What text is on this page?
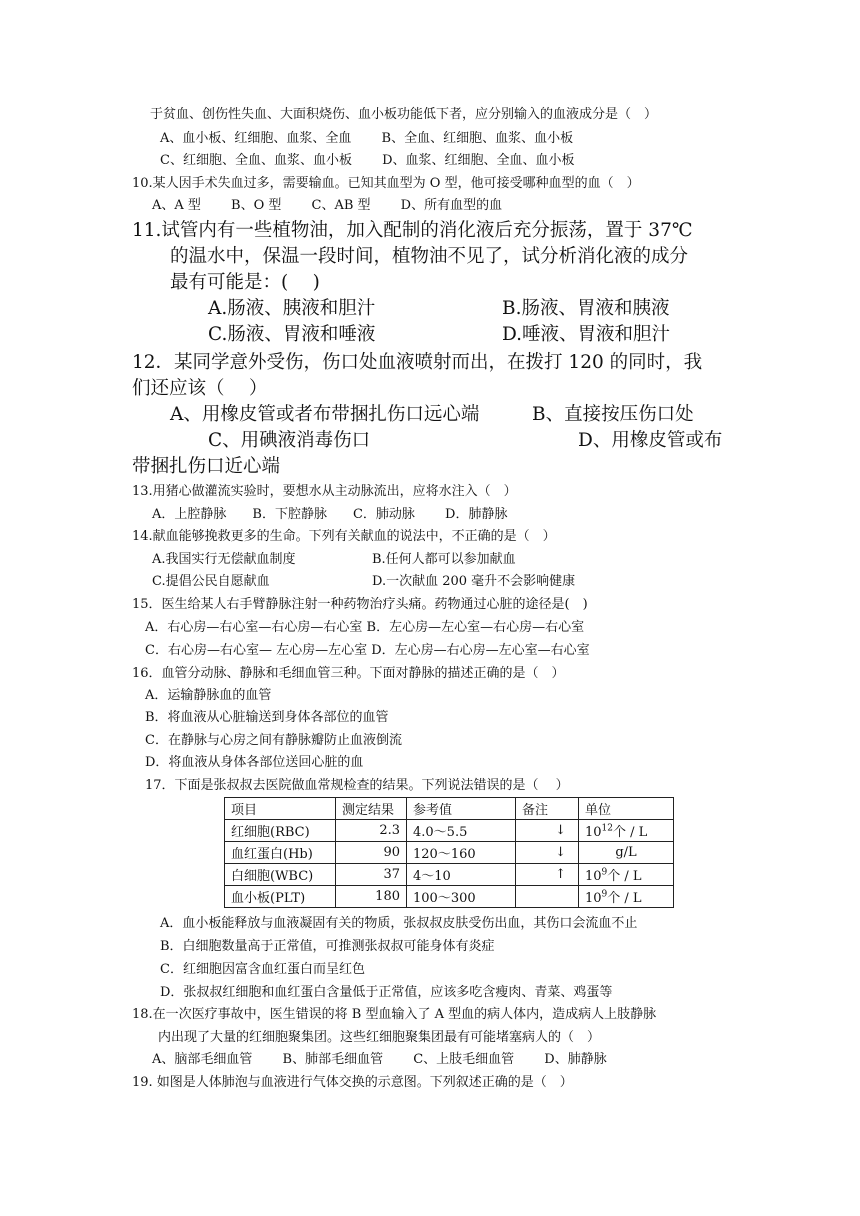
于贫血、创伤性失血、大面积烧伤、血小板功能低下者，应分别输入的血液成分是（　）
A、血小板、红细胞、血浆、全血　　 B、全血、红细胞、血浆、血小板
C、红细胞、全血、血浆、血小板　　 D、血浆、红细胞、全血、血小板
10.某人因手术失血过多，需要输血。已知其血型为 O 型，他可接受哪种血型的血（　）
A、A 型　　 B、O 型　　 C、AB 型　　 D、所有血型的血
11.试管内有一些植物油，加入配制的消化液后充分振荡，置于 37℃
的温水中，保温一段时间，植物油不见了，试分析消化液的成分
最有可能是：(　 )
A.肠液、胰液和胆汁	B.肠液、胃液和胰液
C.肠液、胃液和唾液	D.唾液、胃液和胆汁
12．某同学意外受伤，伤口处血液喷射而出，在拨打 120 的同时，我
们还应该（　 ）
A、用橡皮管或者布带捆扎伤口远心端	B、直接按压伤口处
C、用碘液消毒伤口	D、用橡皮管或布
带捆扎伤口近心端
13.用猪心做灌流实验时，要想水从主动脉流出，应将水注入（　）
A．上腔静脉　　B．下腔静脉　　C．肺动脉　　 D．肺静脉
14.献血能够挽救更多的生命。下列有关献血的说法中，不正确的是（　）
A.我国实行无偿献血制度	B.任何人都可以参加献血
C.提倡公民自愿献血	D.一次献血 200 毫升不会影响健康
15．医生给某人右手臂静脉注射一种药物治疗头痛。药物通过心脏的途径是(　)
A．右心房—右心室—右心房—右心室 B．左心房—左心室—右心房—右心室
C．右心房—右心室— 左心房—左心室 D．左心房—右心房—左心室—右心室
16．血管分动脉、静脉和毛细血管三种。下面对静脉的描述正确的是（　）
A．运输静脉血的血管
B．将血液从心脏输送到身体各部位的血管
C．在静脉与心房之间有静脉瓣防止血液倒流
D．将血液从身体各部位送回心脏的血
17．下面是张叔叔去医院做血常规检查的结果。下列说法错误的是（　 ）
项目	测定结果	参考值	备注	单位
红细胞(RBC)	2.3	4.0～5.5	↓	$10^{12}$个 / L
血红蛋白(Hb)	90	120～160	↓	g/L
白细胞(WBC)	37	4～10	↑	$10^9$个 / L
血小板(PLT)	180	100～300		$10^9$个 / L
A．血小板能释放与血液凝固有关的物质，张叔叔皮肤受伤出血，其伤口会流血不止
B．白细胞数量高于正常值，可推测张叔叔可能身体有炎症
C．红细胞因富含血红蛋白而呈红色
D．张叔叔红细胞和血红蛋白含量低于正常值，应该多吃含瘦肉、青菜、鸡蛋等
18.在一次医疗事故中，医生错误的将 B 型血输入了 A 型血的病人体内，造成病人上肢静脉
内出现了大量的红细胞聚集团。这些红细胞聚集团最有可能堵塞病人的（　）
A、脑部毛细血管　　 B、肺部毛细血管　　 C、上肢毛细血管　　 D、肺静脉
19. 如图是人体肺泡与血液进行气体交换的示意图。下列叙述正确的是（　）
